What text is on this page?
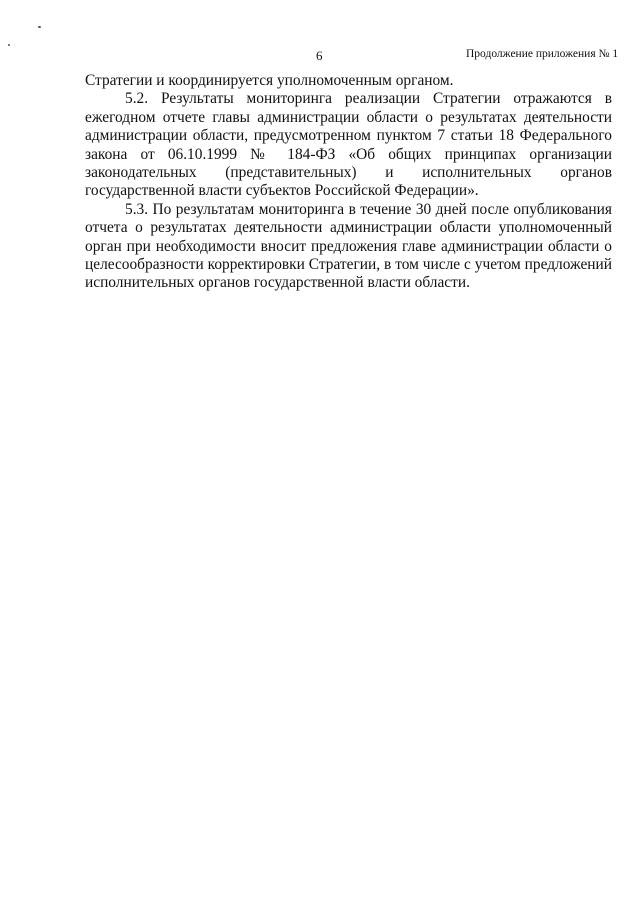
6	Продолжение приложения № 1

Стратегии и координируется уполномоченным органом.

5.2. Результаты мониторинга реализации Стратегии отражаются в ежегодном отчете главы администрации области о результатах деятельности администрации области, предусмотренном пунктом 7 статьи 18 Федерального закона от 06.10.1999 № 184-ФЗ «Об общих принципах организации законодательных (представительных) и исполнительных органов государственной власти субъектов Российской Федерации».

5.3. По результатам мониторинга в течение 30 дней после опубликования отчета о результатах деятельности администрации области уполномоченный орган при необходимости вносит предложения главе администрации области о целесообразности корректировки Стратегии, в том числе с учетом предложений исполнительных органов государственной власти области.
